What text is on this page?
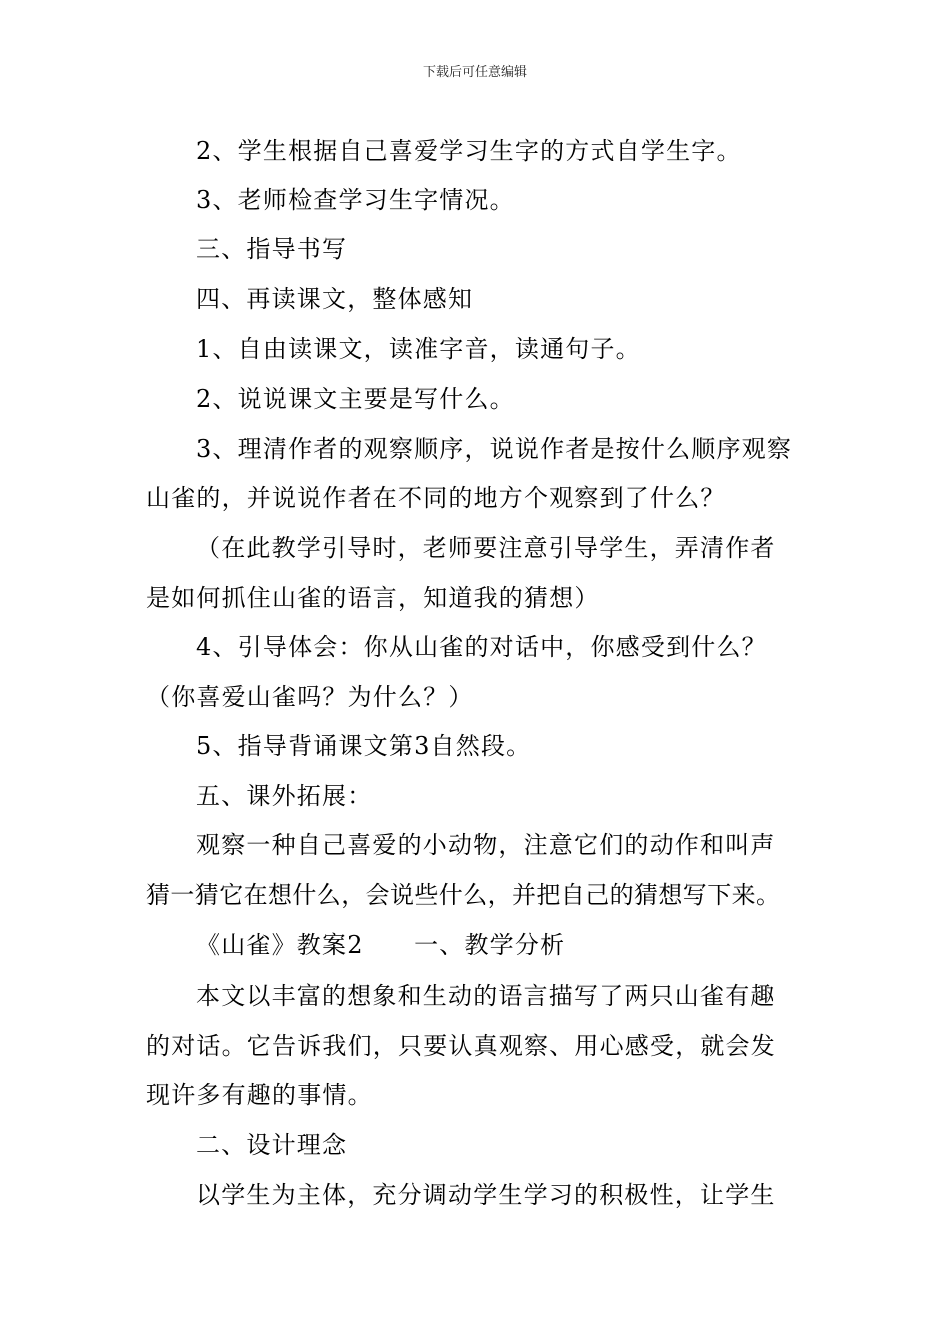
下载后可任意编辑
2、学生根据自己喜爱学习生字的方式自学生字。
3、老师检查学习生字情况。
三、指导书写
四、再读课文，整体感知
1、自由读课文，读准字音，读通句子。
2、说说课文主要是写什么。
3、理清作者的观察顺序，说说作者是按什么顺序观察
山雀的，并说说作者在不同的地方个观察到了什么？
（在此教学引导时，老师要注意引导学生，弄清作者
是如何抓住山雀的语言，知道我的猜想）
4、引导体会：你从山雀的对话中，你感受到什么？
（你喜爱山雀吗？为什么？）
5、指导背诵课文第3自然段。
五、课外拓展：
观察一种自己喜爱的小动物，注意它们的动作和叫声
猜一猜它在想什么，会说些什么，并把自己的猜想写下来。
《山雀》教案2　　一、教学分析
本文以丰富的想象和生动的语言描写了两只山雀有趣
的对话。它告诉我们，只要认真观察、用心感受，就会发
现许多有趣的事情。
二、设计理念
以学生为主体，充分调动学生学习的积极性，让学生
